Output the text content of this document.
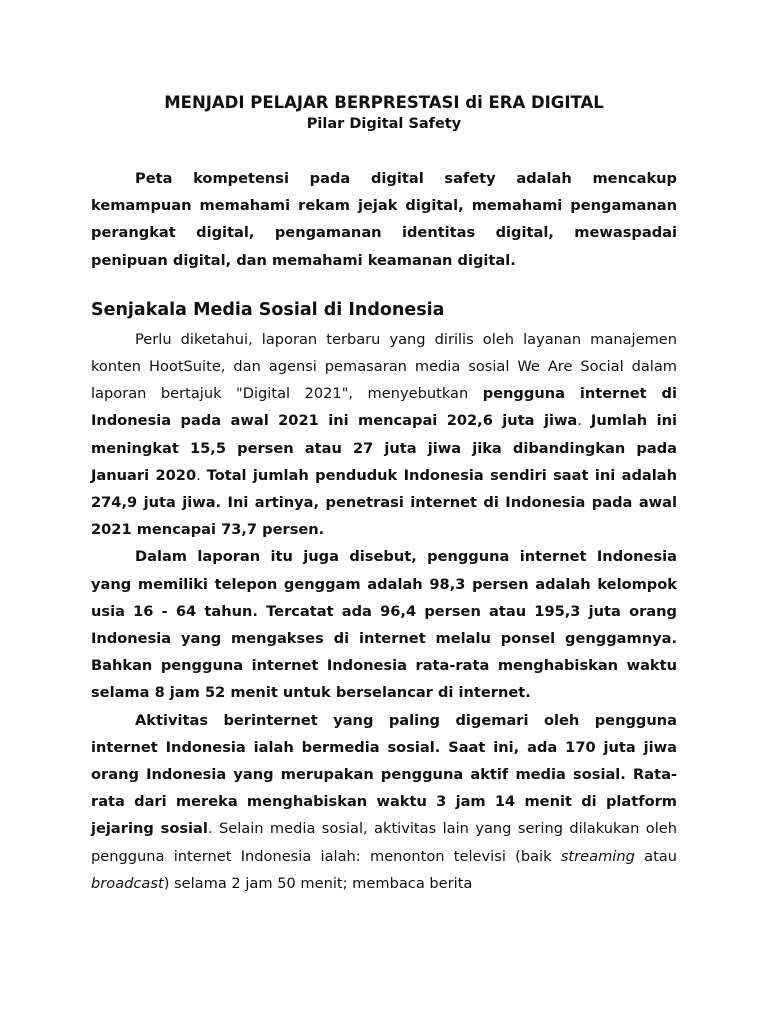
MENJADI PELAJAR BERPRESTASI di ERA DIGITAL

Pilar Digital Safety

Peta kompetensi pada digital safety adalah mencakup kemampuan memahami rekam jejak digital, memahami pengamanan perangkat digital, pengamanan identitas digital, mewaspadai penipuan digital, dan memahami keamanan digital.

Senjakala Media Sosial di Indonesia

Perlu diketahui, laporan terbaru yang dirilis oleh layanan manajemen konten HootSuite, dan agensi pemasaran media sosial We Are Social dalam laporan bertajuk "Digital 2021", menyebutkan pengguna internet di Indonesia pada awal 2021 ini mencapai 202,6 juta jiwa. Jumlah ini meningkat 15,5 persen atau 27 juta jiwa jika dibandingkan pada Januari 2020. Total jumlah penduduk Indonesia sendiri saat ini adalah 274,9 juta jiwa. Ini artinya, penetrasi internet di Indonesia pada awal 2021 mencapai 73,7 persen.

Dalam laporan itu juga disebut, pengguna internet Indonesia yang memiliki telepon genggam adalah 98,3 persen adalah kelompok usia 16 - 64 tahun. Tercatat ada 96,4 persen atau 195,3 juta orang Indonesia yang mengakses di internet melalu ponsel genggamnya. Bahkan pengguna internet Indonesia rata-rata menghabiskan waktu selama 8 jam 52 menit untuk berselancar di internet.

Aktivitas berinternet yang paling digemari oleh pengguna internet Indonesia ialah bermedia sosial. Saat ini, ada 170 juta jiwa orang Indonesia yang merupakan pengguna aktif media sosial. Rata-rata dari mereka menghabiskan waktu 3 jam 14 menit di platform jejaring sosial. Selain media sosial, aktivitas lain yang sering dilakukan oleh pengguna internet Indonesia ialah: menonton televisi (baik streaming atau broadcast) selama 2 jam 50 menit; membaca berita
